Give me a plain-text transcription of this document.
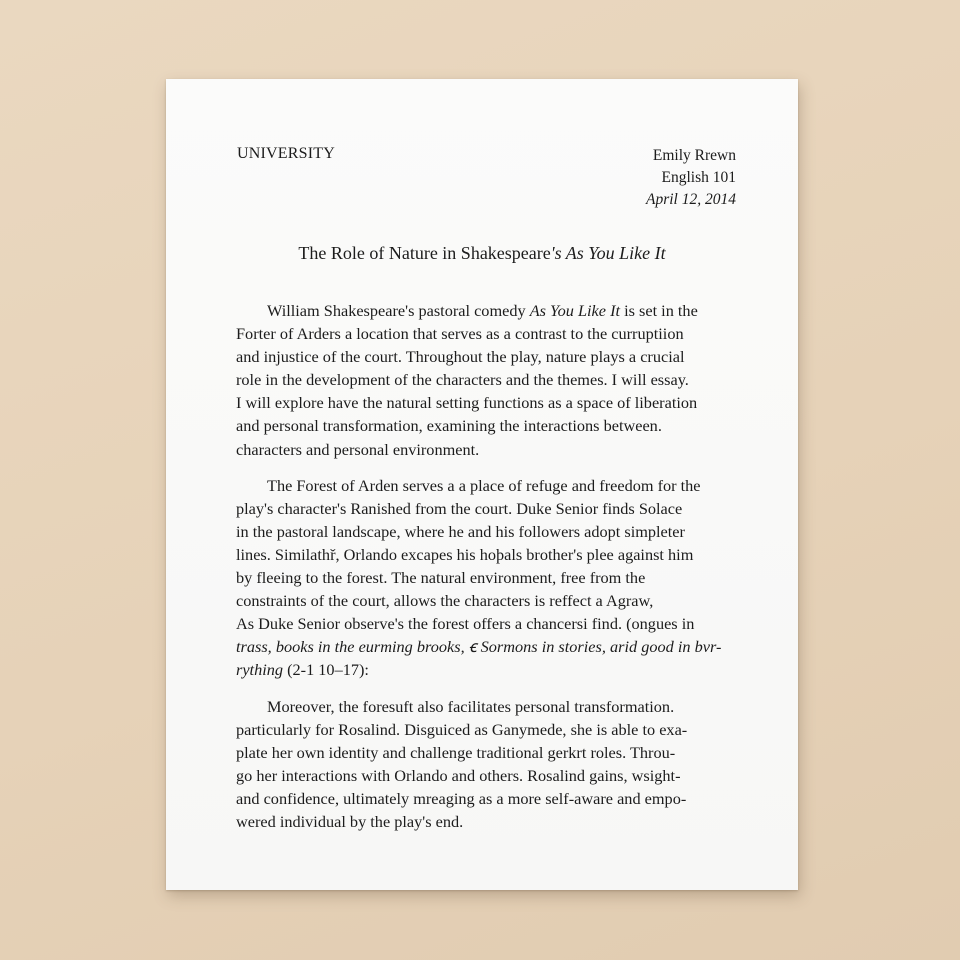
UNIVERSITY	Emily Rrewn
English 101
April 12, 2014
The Role of Nature in Shakespeare's As You Like It
William Shakespeare's pastoral comedy As You Like It is set in the
Forter of Arders a location that serves as a contrast to the curruptiion
and injustice of the court. Throughout the play, nature plays a crucial
role in the development of the characters and the themes. I will essay.
I will explore have the natural setting functions as a space of liberation
and personal transformation, examining the interactions between.
characters and personal environment.
The Forest of Arden serves a a place of refuge and freedom for the
play's character's Ranished from the court. Duke Senior finds Solace
in the pastoral landscape, where he and his followers adopt simpleter
lines. Similathř, Orlando excapes his hoþals brother's plee against him
by fleeing to the forest. The natural environment, free from the
constraints of the court, allows the characters is reffect a Agraw,
As Duke Senior observe's the forest offers a chancersi find. (ongues in
trass, books in the eurming brooks, ꞓ Sormons in stories, arid good in bvr-
rything (2-1 10–17):
Moreover, the foresuft also facilitates personal transformation.
particularly for Rosalind. Disguiced as Ganymede, she is able to exa-
plate her own identity and challenge traditional gerkrt roles. Throu-
go her interactions with Orlando and others. Rosalind gains, wsight-
and confidence, ultimately mreaging as a more self-aware and empo-
wered individual by the play's end.
